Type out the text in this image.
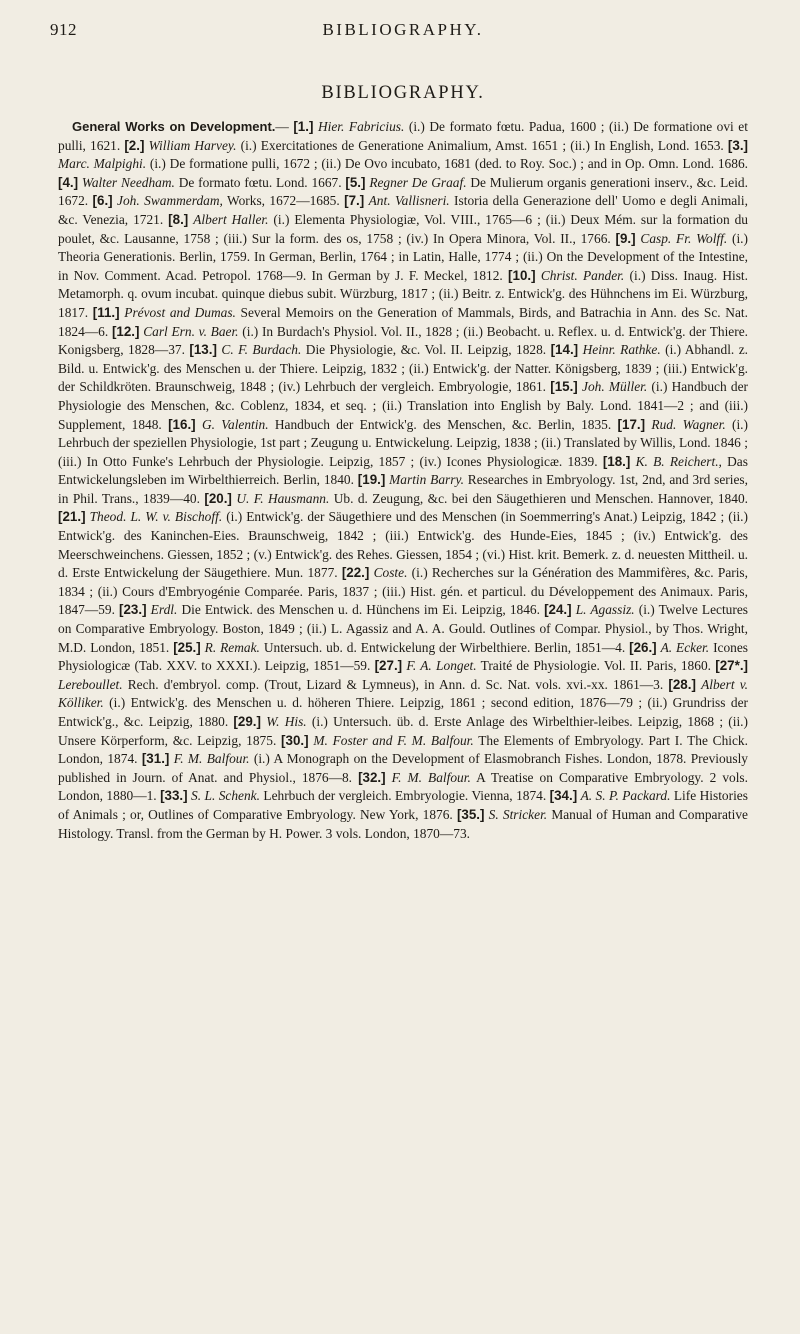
912	BIBLIOGRAPHY.
BIBLIOGRAPHY.

General Works on Development.— [1.] Hier. Fabricius. (i.) De formato fœtu. Padua, 1600 ; (ii.) De formatione ovi et pulli, 1621. [2.] William Harvey. (i.) Exercitationes de Generatione Animalium, Amst. 1651 ; (ii.) In English, Lond. 1653. [3.] Marc. Malpighi. (i.) De formatione pulli, 1672 ; (ii.) De Ovo incubato, 1681 (ded. to Roy. Soc.) ; and in Op. Omn. Lond. 1686. [4.] Walter Needham. De formato fœtu. Lond. 1667. [5.] Regner De Graaf. De Mulierum organis generationi inserv., &c. Leid. 1672. [6.] Joh. Swammerdam, Works, 1672—1685. [7.] Ant. Vallisneri. Istoria della Generazione dell' Uomo e degli Animali, &c. Venezia, 1721. [8.] Albert Haller. (i.) Elementa Physiologiæ, Vol. VIII., 1765—6 ; (ii.) Deux Mém. sur la formation du poulet, &c. Lausanne, 1758 ; (iii.) Sur la form. des os, 1758 ; (iv.) In Opera Minora, Vol. II., 1766. [9.] Casp. Fr. Wolff. (i.) Theoria Generationis. Berlin, 1759. In German, Berlin, 1764 ; in Latin, Halle, 1774 ; (ii.) On the Development of the Intestine, in Nov. Comment. Acad. Petropol. 1768—9. In German by J. F. Meckel, 1812. [10.] Christ. Pander. (i.) Diss. Inaug. Hist. Metamorph. q. ovum incubat. quinque diebus subit. Würzburg, 1817 ; (ii.) Beitr. z. Entwick'g. des Hühnchens im Ei. Würzburg, 1817. [11.] Prévost and Dumas. Several Memoirs on the Generation of Mammals, Birds, and Batrachia in Ann. des Sc. Nat. 1824—6. [12.] Carl Ern. v. Baer. (i.) In Burdach's Physiol. Vol. II., 1828 ; (ii.) Beobacht. u. Reflex. u. d. Entwick'g. der Thiere. Konigsberg, 1828—37. [13.] C. F. Burdach. Die Physiologie, &c. Vol. II. Leipzig, 1828. [14.] Heinr. Rathke. (i.) Abhandl. z. Bild. u. Entwick'g. des Menschen u. der Thiere. Leipzig, 1832 ; (ii.) Entwick'g. der Natter. Königsberg, 1839 ; (iii.) Entwick'g. der Schildkröten. Braunschweig, 1848 ; (iv.) Lehrbuch der vergleich. Embryologie, 1861. [15.] Joh. Müller. (i.) Handbuch der Physiologie des Menschen, &c. Coblenz, 1834, et seq. ; (ii.) Translation into English by Baly. Lond. 1841—2 ; and (iii.) Supplement, 1848. [16.] G. Valentin. Handbuch der Entwick'g. des Menschen, &c. Berlin, 1835. [17.] Rud. Wagner. (i.) Lehrbuch der speziellen Physiologie, 1st part ; Zeugung u. Entwickelung. Leipzig, 1838 ; (ii.) Translated by Willis, Lond. 1846 ; (iii.) In Otto Funke's Lehrbuch der Physiologie. Leipzig, 1857 ; (iv.) Icones Physiologicæ. 1839. [18.] K. B. Reichert., Das Entwickelungsleben im Wirbelthierreich. Berlin, 1840. [19.] Martin Barry. Researches in Embryology. 1st, 2nd, and 3rd series, in Phil. Trans., 1839—40. [20.] U. F. Hausmann. Ub. d. Zeugung, &c. bei den Säugethieren und Menschen. Hannover, 1840. [21.] Theod. L. W. v. Bischoff. (i.) Entwick'g. der Säugethiere und des Menschen (in Soemmerring's Anat.) Leipzig, 1842 ; (ii.) Entwick'g. des Kaninchen-Eies. Braunschweig, 1842 ; (iii.) Entwick'g. des Hunde-Eies, 1845 ; (iv.) Entwick'g. des Meerschweinchens. Giessen, 1852 ; (v.) Entwick'g. des Rehes. Giessen, 1854 ; (vi.) Hist. krit. Bemerk. z. d. neuesten Mittheil. u. d. Erste Entwickelung der Säugethiere. Mun. 1877. [22.] Coste. (i.) Recherches sur la Génération des Mammifères, &c. Paris, 1834 ; (ii.) Cours d'Embryogénie Comparée. Paris, 1837 ; (iii.) Hist. gén. et particul. du Développement des Animaux. Paris, 1847—59. [23.] Erdl. Die Entwick. des Menschen u. d. Hünchens im Ei. Leipzig, 1846. [24.] L. Agassiz. (i.) Twelve Lectures on Comparative Embryology. Boston, 1849 ; (ii.) L. Agassiz and A. A. Gould. Outlines of Compar. Physiol., by Thos. Wright, M.D. London, 1851. [25.] R. Remak. Untersuch. ub. d. Entwickelung der Wirbelthiere. Berlin, 1851—4. [26.] A. Ecker. Icones Physiologicæ (Tab. XXV. to XXXI.). Leipzig, 1851—59. [27.] F. A. Longet. Traité de Physiologie. Vol. II. Paris, 1860. [27*.] Lereboullet. Rech. d'embryol. comp. (Trout, Lizard & Lymneus), in Ann. d. Sc. Nat. vols. xvi.-xx. 1861—3. [28.] Albert v. Kölliker. (i.) Entwick'g. des Menschen u. d. höheren Thiere. Leipzig, 1861 ; second edition, 1876—79 ; (ii.) Grundriss der Entwick'g., &c. Leipzig, 1880. [29.] W. His. (i.) Untersuch. üb. d. Erste Anlage des Wirbelthier-leibes. Leipzig, 1868 ; (ii.) Unsere Körperform, &c. Leipzig, 1875. [30.] M. Foster and F. M. Balfour. The Elements of Embryology. Part I. The Chick. London, 1874. [31.] F. M. Balfour. (i.) A Monograph on the Development of Elasmobranch Fishes. London, 1878. Previously published in Journ. of Anat. and Physiol., 1876—8. [32.] F. M. Balfour. A Treatise on Comparative Embryology. 2 vols. London, 1880—1. [33.] S. L. Schenk. Lehrbuch der vergleich. Embryologie. Vienna, 1874. [34.] A. S. P. Packard. Life Histories of Animals ; or, Outlines of Comparative Embryology. New York, 1876. [35.] S. Stricker. Manual of Human and Comparative Histology. Transl. from the German by H. Power. 3 vols. London, 1870—73.
